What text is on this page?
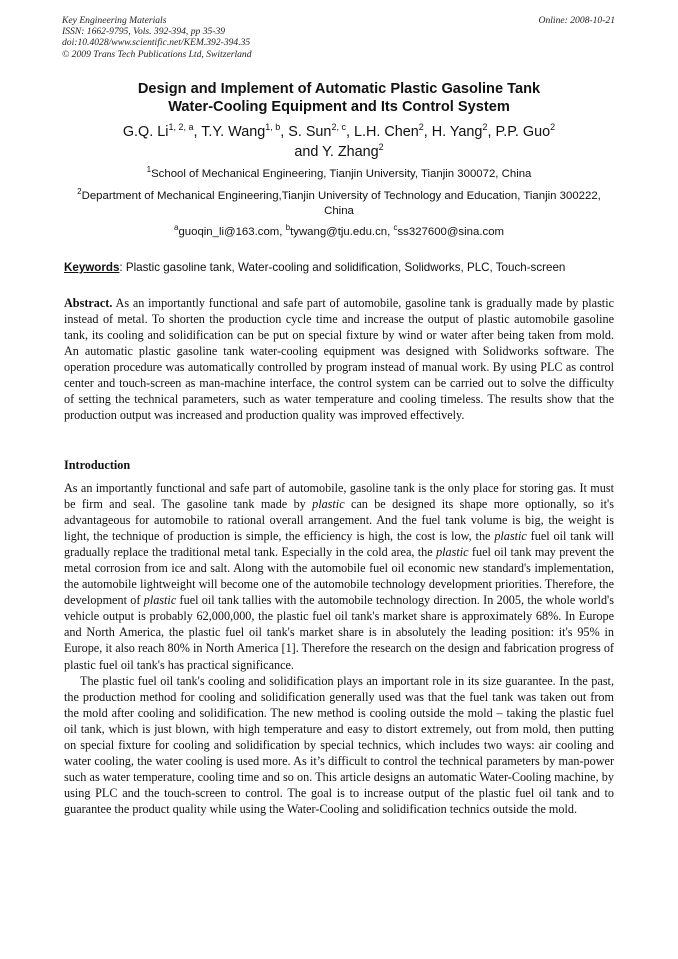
Key Engineering Materials
ISSN: 1662-9795, Vols. 392-394, pp 35-39
doi:10.4028/www.scientific.net/KEM.392-394.35
© 2009 Trans Tech Publications Ltd, Switzerland
Online: 2008-10-21
Design and Implement of Automatic Plastic Gasoline Tank
Water-Cooling Equipment and Its Control System
G.Q. Li$^{1, 2, a}$, T.Y. Wang$^{1, b}$, S. Sun$^{2, c}$, L.H. Chen$^2$, H. Yang$^2$, P.P. Guo$^2$
and Y. Zhang$^2$
$^1$School of Mechanical Engineering, Tianjin University, Tianjin 300072, China
$^2$Department of Mechanical Engineering,Tianjin University of Technology and Education, Tianjin 300222, China
$^a$guoqin_li@163.com, $^b$tywang@tju.edu.cn, $^c$ss327600@sina.com
Keywords: Plastic gasoline tank, Water-cooling and solidification, Solidworks, PLC, Touch-screen
Abstract. As an importantly functional and safe part of automobile, gasoline tank is gradually made by plastic instead of metal. To shorten the production cycle time and increase the output of plastic automobile gasoline tank, its cooling and solidification can be put on special fixture by wind or water after being taken from mold. An automatic plastic gasoline tank water-cooling equipment was designed with Solidworks software. The operation procedure was automatically controlled by program instead of manual work. By using PLC as control center and touch-screen as man-machine interface, the control system can be carried out to solve the difficulty of setting the technical parameters, such as water temperature and cooling timeless. The results show that the production output was increased and production quality was improved effectively.
Introduction

As an importantly functional and safe part of automobile, gasoline tank is the only place for storing gas. It must be firm and seal. The gasoline tank made by plastic can be designed its shape more optionally, so it's advantageous for automobile to rational overall arrangement. And the fuel tank volume is big, the weight is light, the technique of production is simple, the efficiency is high, the cost is low, the plastic fuel oil tank will gradually replace the traditional metal tank. Especially in the cold area, the plastic fuel oil tank may prevent the metal corrosion from ice and salt. Along with the automobile fuel oil economic new standard's implementation, the automobile lightweight will become one of the automobile technology development priorities. Therefore, the development of plastic fuel oil tank tallies with the automobile technology direction. In 2005, the whole world's vehicle output is probably 62,000,000, the plastic fuel oil tank's market share is approximately 68%. In Europe and North America, the plastic fuel oil tank's market share is in absolutely the leading position: it's 95% in Europe, it also reach 80% in North America [1]. Therefore the research on the design and fabrication progress of plastic fuel oil tank's has practical significance.

The plastic fuel oil tank's cooling and solidification plays an important role in its size guarantee. In the past, the production method for cooling and solidification generally used was that the fuel tank was taken out from the mold after cooling and solidification. The new method is cooling outside the mold – taking the plastic fuel oil tank, which is just blown, with high temperature and easy to distort extremely, out from mold, then putting on special fixture for cooling and solidification by special technics, which includes two ways: air cooling and water cooling, the water cooling is used more. As it’s difficult to control the technical parameters by man-power such as water temperature, cooling time and so on. This article designs an automatic Water-Cooling machine, by using PLC and the touch-screen to control. The goal is to increase output of the plastic fuel oil tank and to guarantee the product quality while using the Water-Cooling and solidification technics outside the mold.
